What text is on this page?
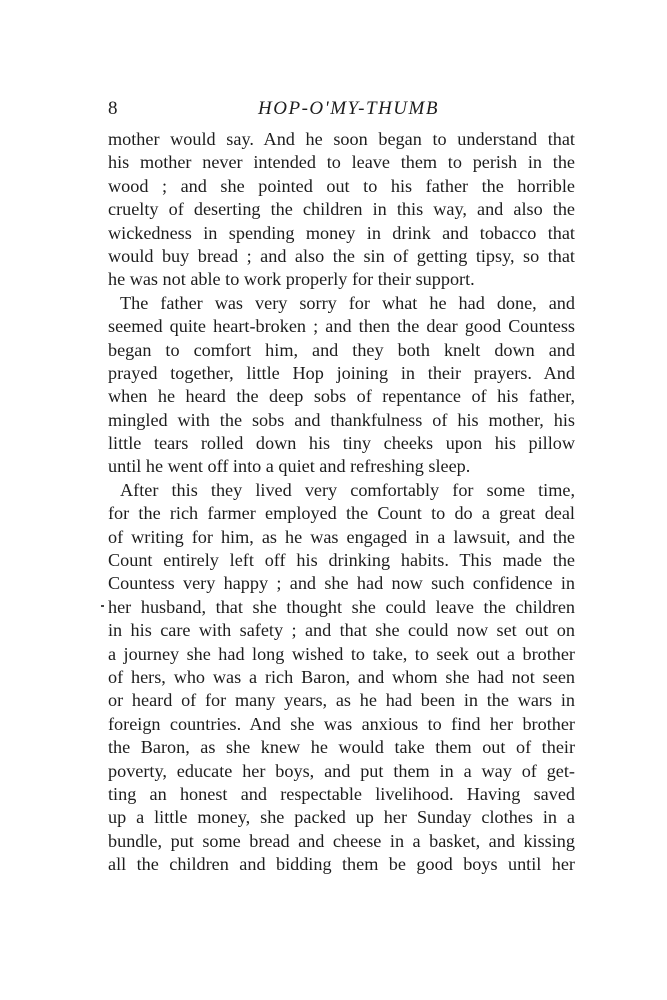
8	HOP-O'MY-THUMB
mother would say. And he soon began to understand that
his mother never intended to leave them to perish in the
wood ; and she pointed out to his father the horrible
cruelty of deserting the children in this way, and also the
wickedness in spending money in drink and tobacco that
would buy bread ; and also the sin of getting tipsy, so that
he was not able to work properly for their support.
The father was very sorry for what he had done, and
seemed quite heart-broken ; and then the dear good Countess
began to comfort him, and they both knelt down and
prayed together, little Hop joining in their prayers. And
when he heard the deep sobs of repentance of his father,
mingled with the sobs and thankfulness of his mother, his
little tears rolled down his tiny cheeks upon his pillow
until he went off into a quiet and refreshing sleep.
After this they lived very comfortably for some time,
for the rich farmer employed the Count to do a great deal
of writing for him, as he was engaged in a lawsuit, and the
Count entirely left off his drinking habits. This made the
Countess very happy ; and she had now such confidence in
her husband, that she thought she could leave the children
in his care with safety ; and that she could now set out on
a journey she had long wished to take, to seek out a brother
of hers, who was a rich Baron, and whom she had not seen
or heard of for many years, as he had been in the wars in
foreign countries. And she was anxious to find her brother
the Baron, as she knew he would take them out of their
poverty, educate her boys, and put them in a way of get-
ting an honest and respectable livelihood. Having saved
up a little money, she packed up her Sunday clothes in a
bundle, put some bread and cheese in a basket, and kissing
all the children and bidding them be good boys until her
